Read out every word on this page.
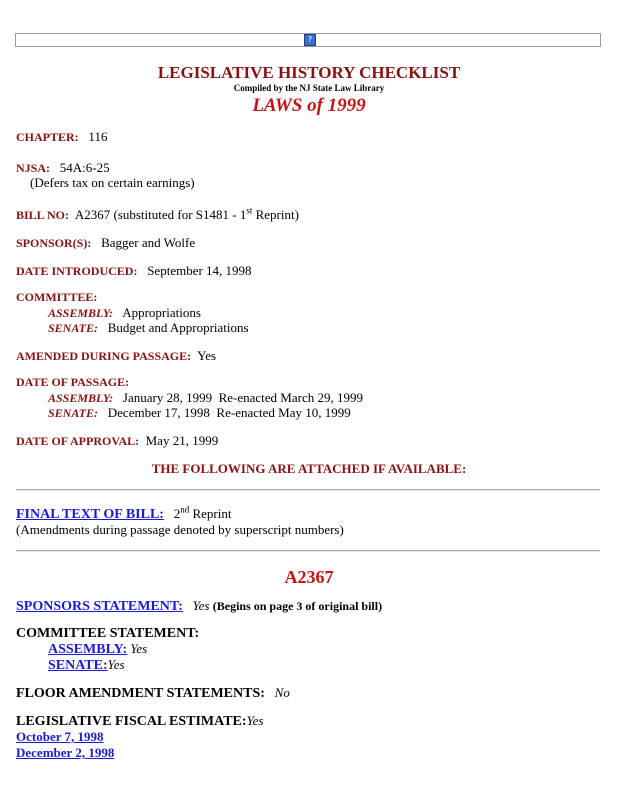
?
LEGISLATIVE HISTORY CHECKLIST
Compiled by the NJ State Law Library
LAWS of 1999
CHAPTER: 116
NJSA: 54A:6-25
(Defers tax on certain earnings)
BILL NO: A2367 (substituted for S1481 - 1st Reprint)
SPONSOR(S): Bagger and Wolfe
DATE INTRODUCED: September 14, 1998
COMMITTEE:
ASSEMBLY: Appropriations
SENATE: Budget and Appropriations
AMENDED DURING PASSAGE: Yes
DATE OF PASSAGE:
ASSEMBLY: January 28, 1999  Re-enacted March 29, 1999
SENATE: December 17, 1998  Re-enacted May 10, 1999
DATE OF APPROVAL: May 21, 1999
THE FOLLOWING ARE ATTACHED IF AVAILABLE:
FINAL TEXT OF BILL: 2nd Reprint
(Amendments during passage denoted by superscript numbers)
A2367
SPONSORS STATEMENT: Yes (Begins on page 3 of original bill)
COMMITTEE STATEMENT:
ASSEMBLY: Yes
SENATE:Yes
FLOOR AMENDMENT STATEMENTS: No
LEGISLATIVE FISCAL ESTIMATE:Yes
October 7, 1998
December 2, 1998
